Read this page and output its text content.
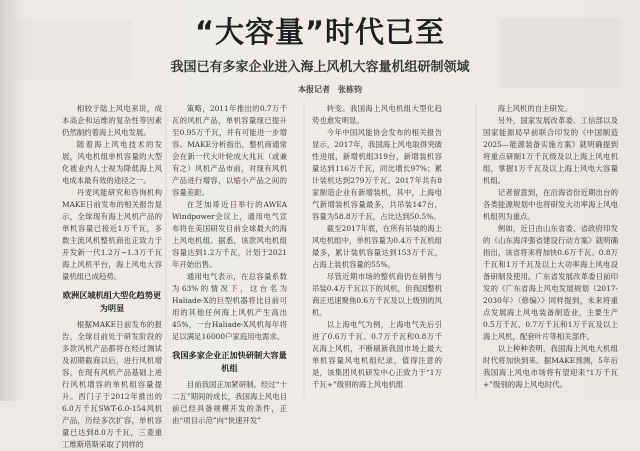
“大容量”时代已至
我国已有多家企业进入海上风机大容量机组研制领域
本报记者 张栋钧

相较于陆上风电来说，成本高企和运维的复杂性等因素仍然制约着海上风电发展。

随着海上风电技术的发展，风电机组单机容量的大型化被业内人士视为降低海上风电成本最有效的途径之一。

丹麦风能研究和咨询机构MAKE日前发布的相关报告显示，全球现有海上风机产品的单机容量已接近1万千瓦，多数主流风机整机商也正致力于开发新一代1.2万~1.3万千瓦海上风机平台，海上风电大容量机组已成趋势。

欧洲区域机组大型化趋势更为明显

根据MAKE日前发布的报告，全球目前处于研发阶段的多款风机产品都将在经过测试及初期截商以后，进行风机增容，在现有风机产品基础上进行风机增容的单机组容量提升。西门子于2012年推出的6.0万千瓦SWT-6.0-154风机产品，历经多次扩容，单机容量已达到8.0万千瓦，三菱重工维斯塔斯采取了同样的

策略，2011年推出的0.7万千瓦的风机产品，单机容量现已提升至0.95万千瓦，并有可能进一步增容。MAKE分析指出，整机商通常会在新一代大叶轮成大兆瓦（或兼有之）风机产品市前，对现有风机产品进行增容，以缩小产品之间的容量差距。

在芝加哥近日举行的AWEA Windpower会议上，通用电气宣布将在美国研发目前全球最大的海上风电机组。据悉，该款风电机组容量达到1.2万千瓦，计划于2021年开始出售。

通用电气表示，在总容量系数为63%的情况下，这台名为Haliade-X的巨型机器将比目前可用的其他任何海上风机产生高出45%，一台Haliade-X风机每年将足以满足16000户家庭用电需求。

我国多家企业正加快研制大容量机组

目前我国正加紧研制。经过“十二五”期间的成长，我国海上风电目前已经具备规模开发的条件，正由“项目示范”向“快速开发”

转变。我国海上风电机组大型化趋势也愈发明显。

今年中国风能协会发布的相关报告显示，2017年，我国海上风电取得突破性进展，新增机组319台，新增装机容量达到116万千瓦，同比增长97%；累计装机达到279万千瓦。2017年共有8家制造企业有新增装机，其中，上海电气新增装机容量最多，共吊装147台，容量为58.8万千瓦，占比达到50.5%。

截至2017年底，在所有吊装的海上风电机组中，单机容量为0.4万千瓦机组最多，累计装机容量达到153万千瓦，占海上装机容量的55%。

尽管近期市场的整机商仍在销售与吊装0.4万千瓦以下的风机，但我国整机商正迅速聚焦0.6万千瓦及以上级别的风机。

以上海电气为例，上海电气先后引进了0.6万千瓦、0.7万千瓦和0.8万千瓦海上风机，不断刷新我国市场上最大单机容量风电机组纪录，值得注意的是，该集团风机研发中心正致力于“1万千瓦+”级别的海上风电机组

海上风机的自主研发。

另外，国家发展改革委、工信部以及国家能源局早前联合印发的《中国制造2025—能源装备实施方案》就明确提到将重点研制1万千瓦级及以上海上风电机组，掌握1万千瓦及以上海上风电大容量机组。

记者留意到，在沿海省份近期出台的各类能源规划中也将研发大功率海上风电机组列为重点。

例如，近日由山东省委、省政府印发的《山东海洋强省建设行动方案》就明确指出，该省将来将加快0.6万千瓦、0.8万千瓦和1万千瓦及以上大功率海上风电设备研制及使用。广东省发展改革委日前印发的《广东省海上风电发展规划（2017-2030年）（修编）》同样提到，未来将重点发展海上风电装备制造业，主要生产0.5万千瓦、0.7万千瓦和1万千瓦及以上海上风机，配套叶片等相关部件。

以上种种表明，我国海上风电大机组时代将加快到来。据MAKE预测，5年后我国海上风电市场将有望迎来“1万千瓦+”级别的海上风电时代。
